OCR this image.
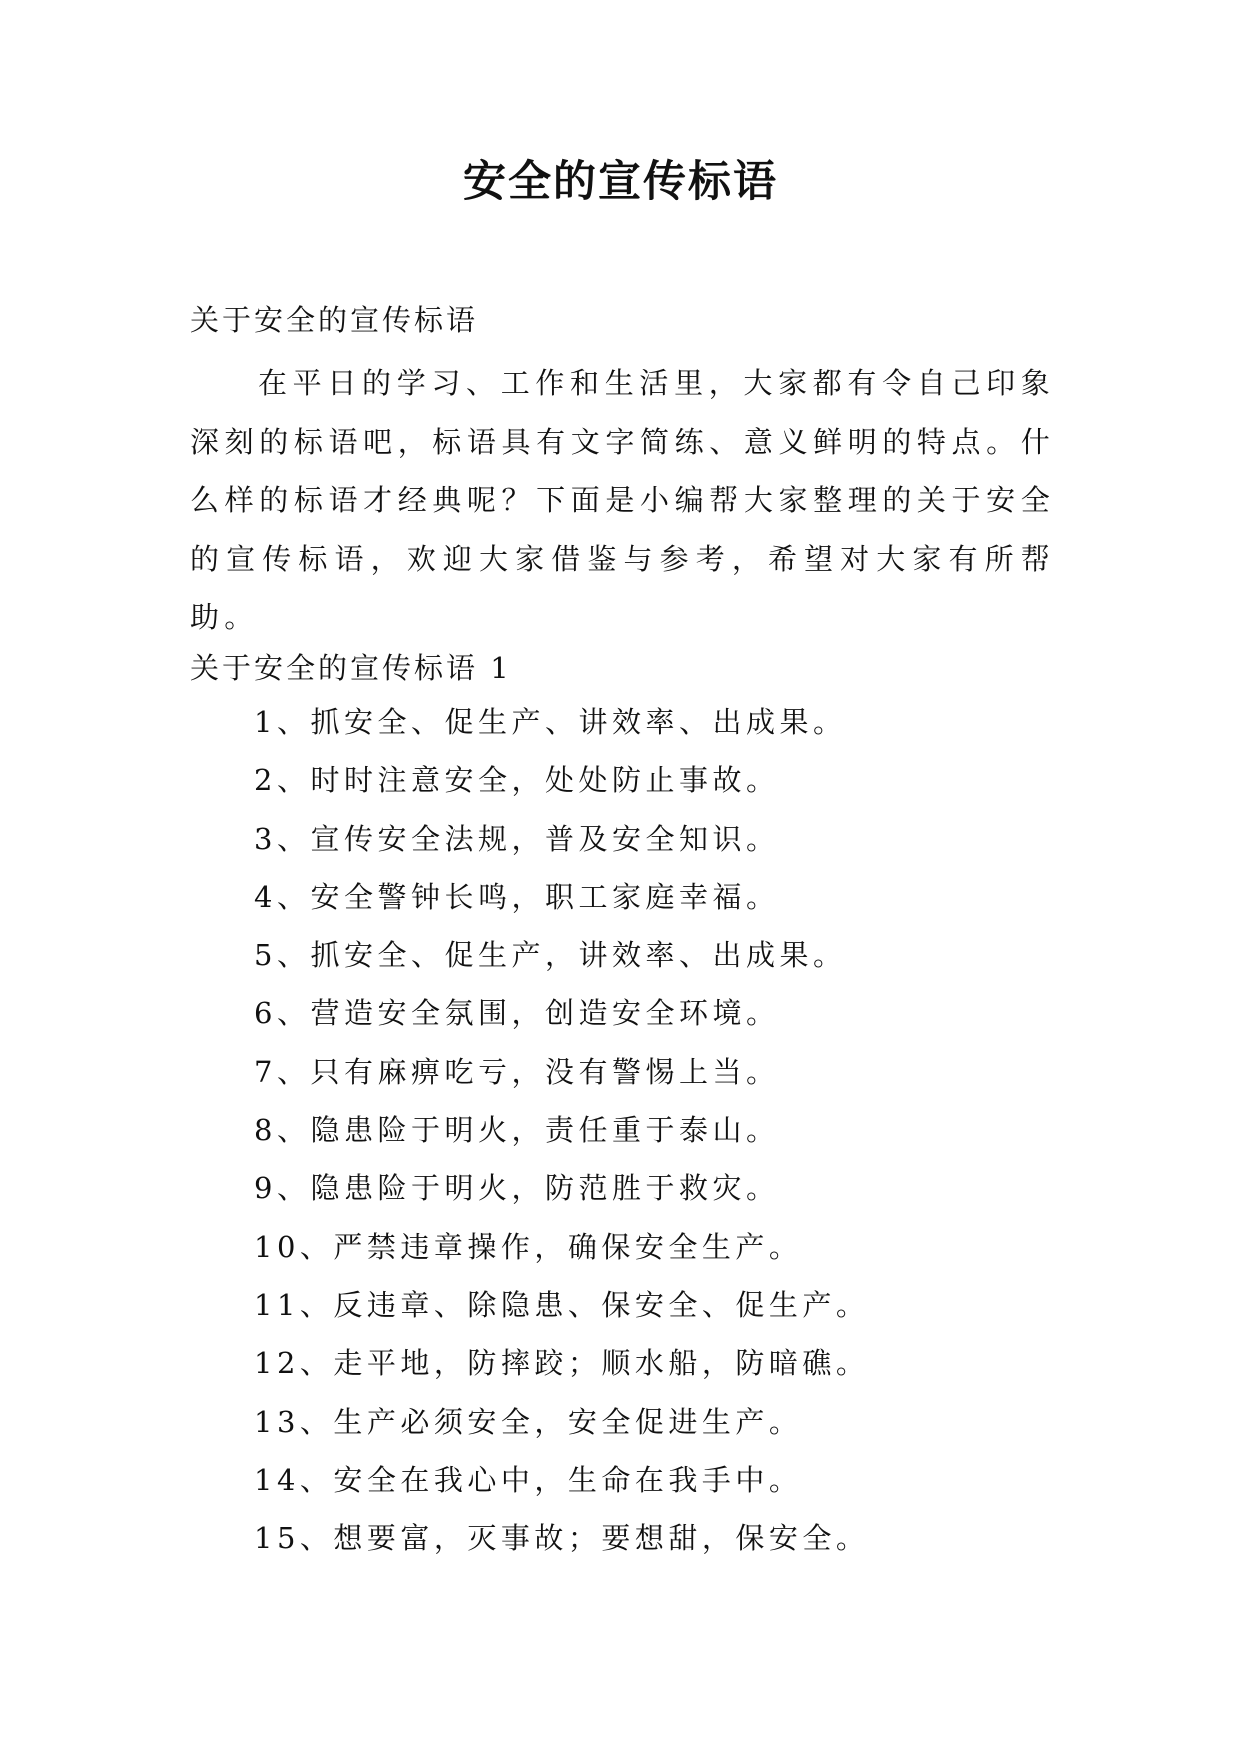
安全的宣传标语

关于安全的宣传标语

在平日的学习、工作和生活里，大家都有令自己印象深刻的标语吧，标语具有文字简练、意义鲜明的特点。什么样的标语才经典呢？下面是小编帮大家整理的关于安全的宣传标语，欢迎大家借鉴与参考，希望对大家有所帮助。

关于安全的宣传标语 1

1、抓安全、促生产、讲效率、出成果。
2、时时注意安全，处处防止事故。
3、宣传安全法规，普及安全知识。
4、安全警钟长鸣，职工家庭幸福。
5、抓安全、促生产，讲效率、出成果。
6、营造安全氛围，创造安全环境。
7、只有麻痹吃亏，没有警惕上当。
8、隐患险于明火，责任重于泰山。
9、隐患险于明火，防范胜于救灾。
10、严禁违章操作，确保安全生产。
11、反违章、除隐患、保安全、促生产。
12、走平地，防摔跤；顺水船，防暗礁。
13、生产必须安全，安全促进生产。
14、安全在我心中，生命在我手中。
15、想要富，灭事故；要想甜，保安全。
